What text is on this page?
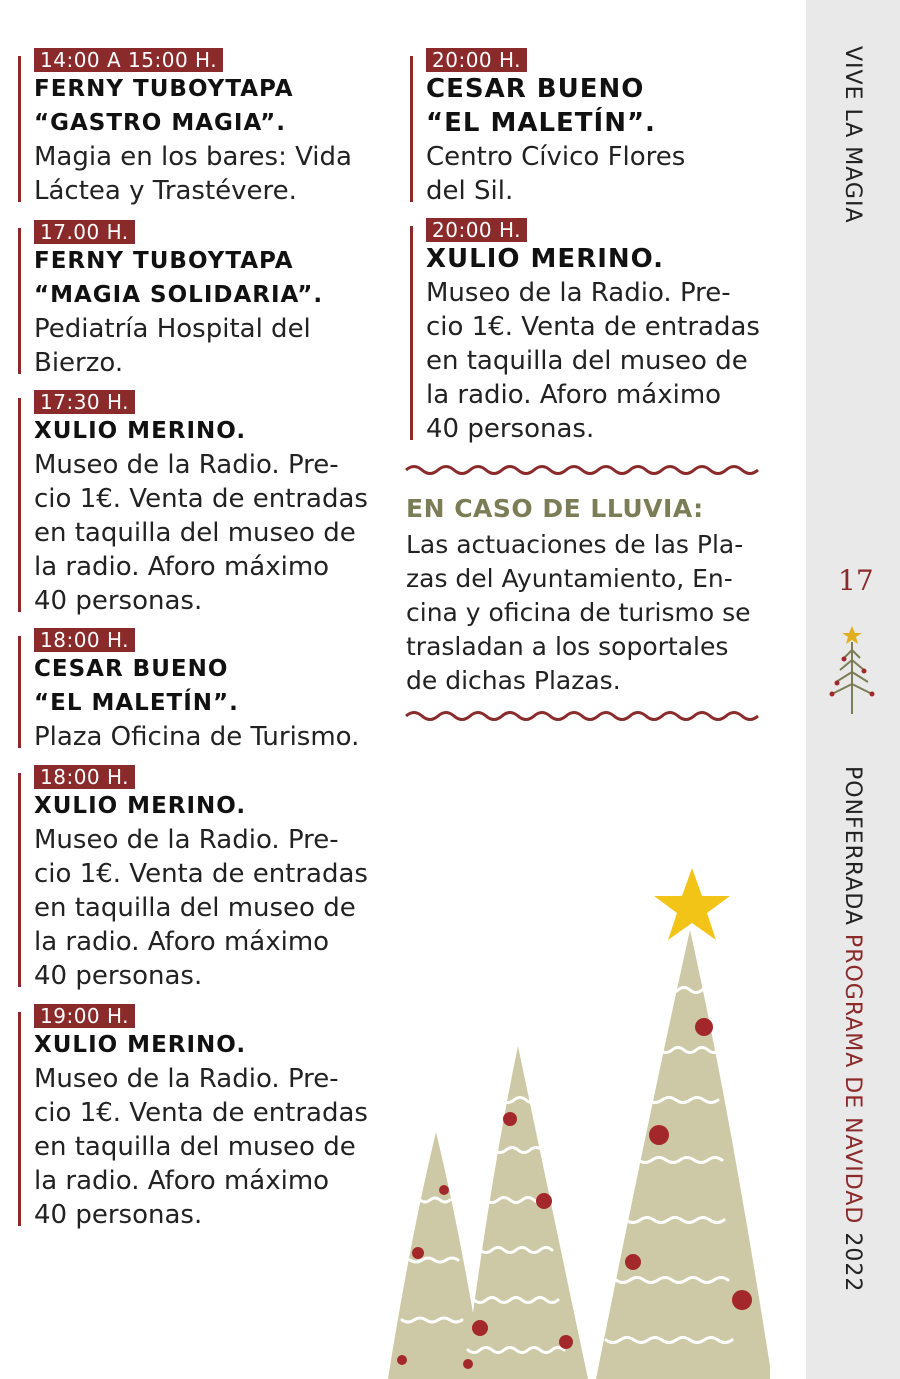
14:00 A 15:00 H.
FERNY TUBOYTAPA
“GASTRO MAGIA”.
Magia en los bares: Vida
Láctea y Trastévere.
17.00 H.
FERNY TUBOYTAPA
“MAGIA SOLIDARIA”.
Pediatría Hospital del
Bierzo.
17:30 H.
XULIO MERINO.
Museo de la Radio. Pre-
cio 1€. Venta de entradas
en taquilla del museo de
la radio. Aforo máximo
40 personas.
18:00 H.
CESAR BUENO
“EL MALETÍN”.
Plaza Oficina de Turismo.
18:00 H.
XULIO MERINO.
Museo de la Radio. Pre-
cio 1€. Venta de entradas
en taquilla del museo de
la radio. Aforo máximo
40 personas.
19:00 H.
XULIO MERINO.
Museo de la Radio. Pre-
cio 1€. Venta de entradas
en taquilla del museo de
la radio. Aforo máximo
40 personas.
20:00 H.
CESAR BUENO
“EL MALETÍN”.
Centro Cívico Flores
del Sil.
20:00 H.
XULIO MERINO.
Museo de la Radio. Pre-
cio 1€. Venta de entradas
en taquilla del museo de
la radio. Aforo máximo
40 personas.
EN CASO DE LLUVIA:
Las actuaciones de las Pla-
zas del Ayuntamiento, En-
cina y oficina de turismo se
trasladan a los soportales
de dichas Plazas.
VIVE LA MAGIA
17
PONFERRADA PROGRAMA DE NAVIDAD 2022
